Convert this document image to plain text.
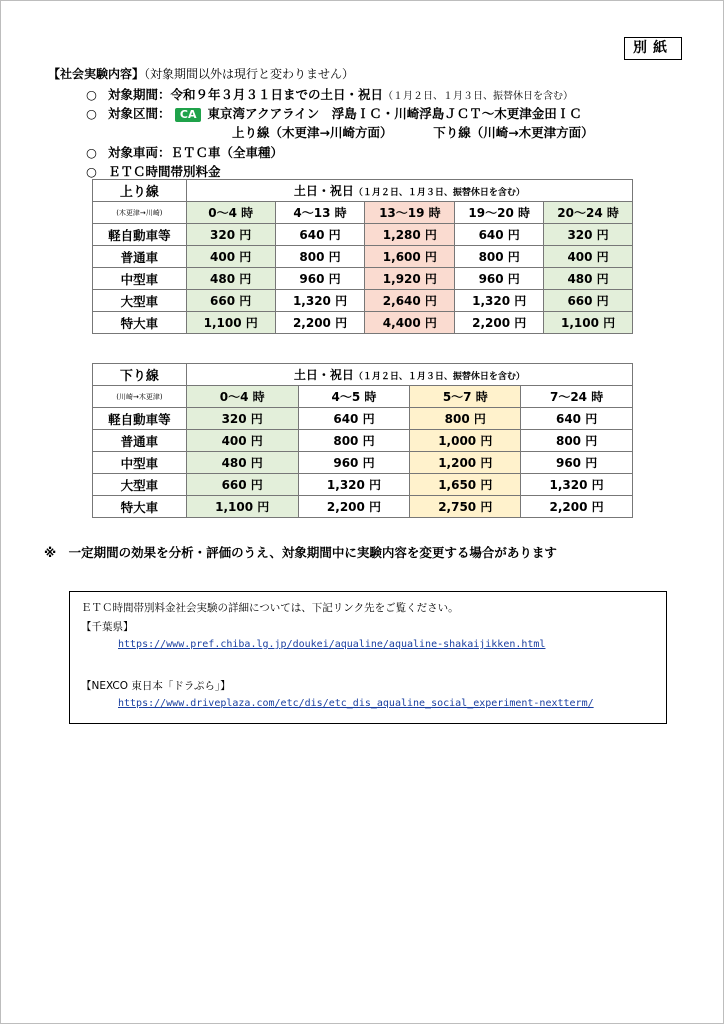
別紙
【社会実験内容】（対象期間以外は現行と変わりません）
○ 対象期間：令和９年３月３１日までの土日・祝日（１月２日、１月３日、振替休日を含む）
○ 対象区間： CA 東京湾アクアライン　浮島ＩＣ・川崎浮島ＪＣＴ～木更津金田ＩＣ
上り線（木更津→川崎方面）	下り線（川崎→木更津方面）
○ 対象車両：ＥＴＣ車（全車種）
○ ＥＴＣ時間帯別料金
上り線	土日・祝日（１月２日、１月３日、振替休日を含む）				
(木更津→川崎)	0～4 時	4～13 時	13～19 時	19～20 時	20～24 時
軽自動車等	320 円	640 円	1,280 円	640 円	320 円
普通車	400 円	800 円	1,600 円	800 円	400 円
中型車	480 円	960 円	1,920 円	960 円	480 円
大型車	660 円	1,320 円	2,640 円	1,320 円	660 円
特大車	1,100 円	2,200 円	4,400 円	2,200 円	1,100 円
下り線	土日・祝日（１月２日、１月３日、振替休日を含む）			
(川崎→木更津)	0～4 時	4～5 時	5～7 時	7～24 時
軽自動車等	320 円	640 円	800 円	640 円
普通車	400 円	800 円	1,000 円	800 円
中型車	480 円	960 円	1,200 円	960 円
大型車	660 円	1,320 円	1,650 円	1,320 円
特大車	1,100 円	2,200 円	2,750 円	2,200 円
※　一定期間の効果を分析・評価のうえ、対象期間中に実験内容を変更する場合があります
ＥＴＣ時間帯別料金社会実験の詳細については、下記リンク先をご覧ください。
【千葉県】
https://www.pref.chiba.lg.jp/doukei/aqualine/aqualine-shakaijikken.html
【NEXCO 東日本「ドラぷら」】
https://www.driveplaza.com/etc/dis/etc_dis_aqualine_social_experiment-nextterm/
